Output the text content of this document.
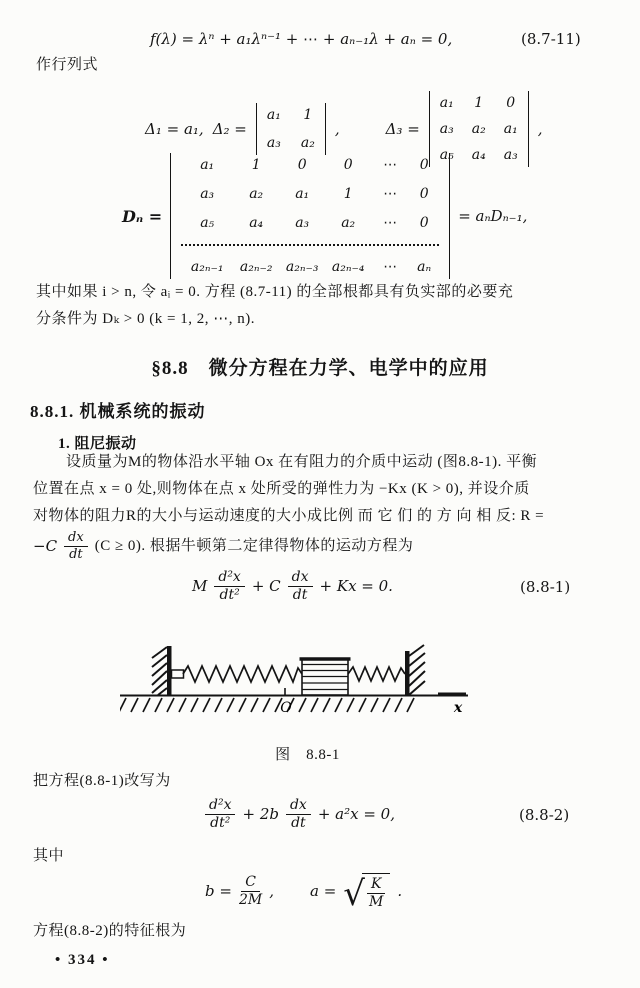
f(λ) = λⁿ + a₁λⁿ⁻¹ + ⋯ + aₙ₋₁λ + aₙ = 0,	(8.7-11)
作行列式
Δ₁ = a₁, Δ₂ =
a₁ 1
a₃ a₂
,	Δ₃ =
a₁ 1 0
a₃ a₂ a₁
a₅ a₄ a₃
,
Dₙ =
a₁	1	0	0 ⋯ 0
a₃	a₂ a₁ 1 ⋯ 0
a₅	a₄ a₃ a₂ ⋯ 0
a₂ₙ₋₁ a₂ₙ₋₂ a₂ₙ₋₃ a₂ₙ₋₄ ⋯ aₙ
= aₙDₙ₋₁,
其中如果 i > n, 令 aᵢ = 0. 方程 (8.7-11) 的全部根都具有负实部的必要充
分条件为 Dₖ > 0 (k = 1, 2, ⋯, n).
§8.8　微分方程在力学、电学中的应用
8.8.1. 机械系统的振动
1. 阻尼振动
设质量为M的物体沿水平轴 Ox 在有阻力的介质中运动 (图8.8-1). 平衡
位置在点 x = 0 处,则物体在点 x 处所受的弹性力为 −Kx (K > 0), 并设介质
对物体的阻力R的大小与运动速度的大小成比例 而 它 们 的 方 向 相 反: R =
$-C \frac{dx}{dt} (C \ge 0)$. 根据牛顿第二定律得物体的运动方程为
M $\frac{\text{d²x}}{\text{dt²}} + C \frac{dx}{dt} + Kx = 0$.	(8.8-1)
O	x
图　8.8-1
把方程(8.8-1)改写为
$\frac{\text{d²x}}{\text{dt²}} + 2b \frac{dx}{dt} + a^2x = 0$,	(8.8-2)
其中
$b = \frac{C}{2M}$ , a = √ $\frac{K}{M}$ .
方程(8.8-2)的特征根为
• 334 •
